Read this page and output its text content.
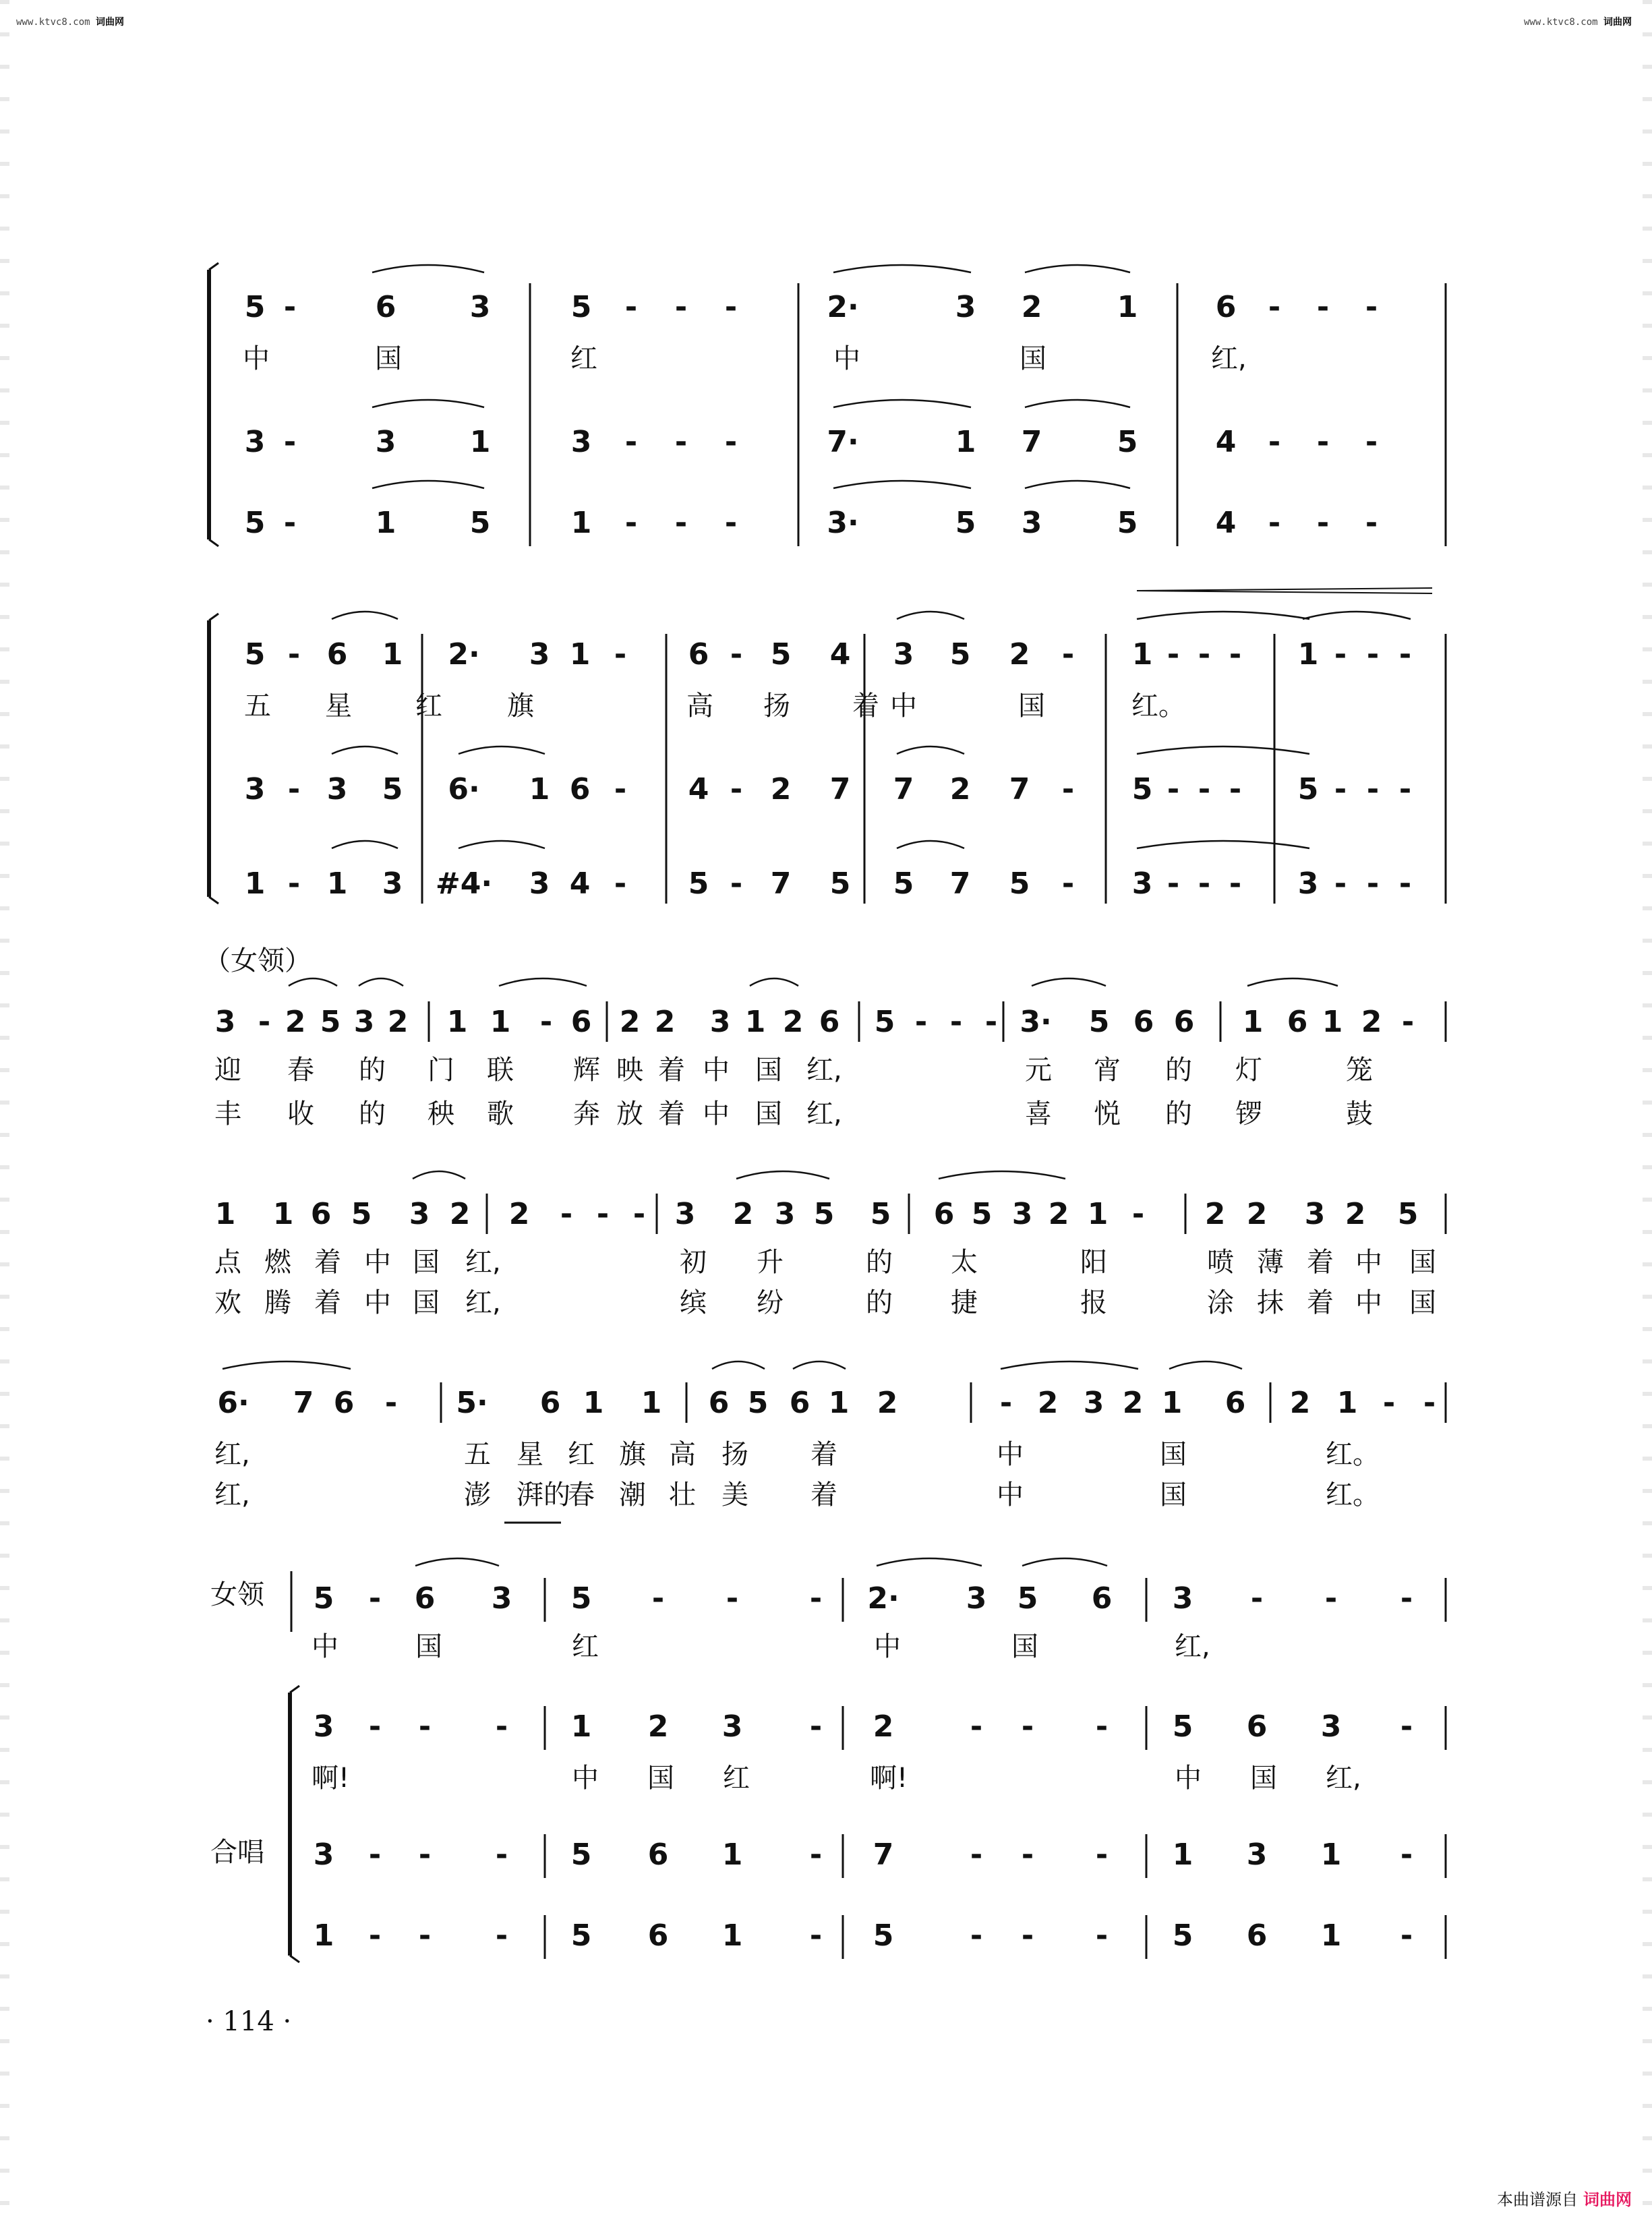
www.ktvc8.com 词曲网	www.ktvc8.com 词曲网
5 -	6 3	5 - - -	2·	3 2	1	6 - - -
3 -	3 1	3 - - -	7·	1 7	5	4 - - -
5 -	1 5	1 - - -	3·	5 3	5	4 - - -
中	国	红	中	国	红,
5 - 6 1 2· 3 1 - 6 - 5 4 3 5 2 - 1 - - - 1 - - -
3 - 3 5 6· 1 6 - 4 - 2 7 7 2 7 - 5 - - - 5 - - -
1 - 1 3 #4· 3 4 - 5 - 7 5 5 7 5 - 3 - - - 3 - - -
五 星 红 旗	高 扬 着 中	国	红。
3 - 2 5 3 2 1 1 - 6 2 2 3 1 2 6 5 - - - 3· 5 6 6 1 6 1 2 -
迎 春 的 门 联 辉 映 着 中 国 红,	元 宵 的 灯	笼
丰 收 的 秧 歌 奔 放 着 中 国 红,	喜 悦 的 锣	鼓
1 1 6 5 3 2 2 - - - 3 2 3 5 5 6 5 3 2 1 - 2 2 3 2 5
点 燃 着 中 国 红,	初 升	的 太	阳	喷 薄 着 中 国
欢 腾 着 中 国 红,	缤 纷	的 捷	报	涂 抹 着 中 国
6· 7 6 - 5· 6 1 1 6 5 6 1 2	- 2 3 2 1 6 2 1 - -
红,	五 星 红 旗 高 扬 着	中	国	红。
红,	澎 湃的
春 潮 壮 美 着	中	国	红。
5 - 6 3 5 - - - 2· 3 5 6 3 - - -
3 - - - 1 2 3 - 2	- - - 5 6 3 -
3 - - - 5 6 1 - 7	- - - 1 3 1 -
1 - - - 5 6 1 - 5	- - - 5 6 1 -
中	国	红	中	国	红,
啊!	中 国 红	啊!	中 国 红,
（女领）
女领
合唱
· 114 ·
本曲谱源自 词曲网
